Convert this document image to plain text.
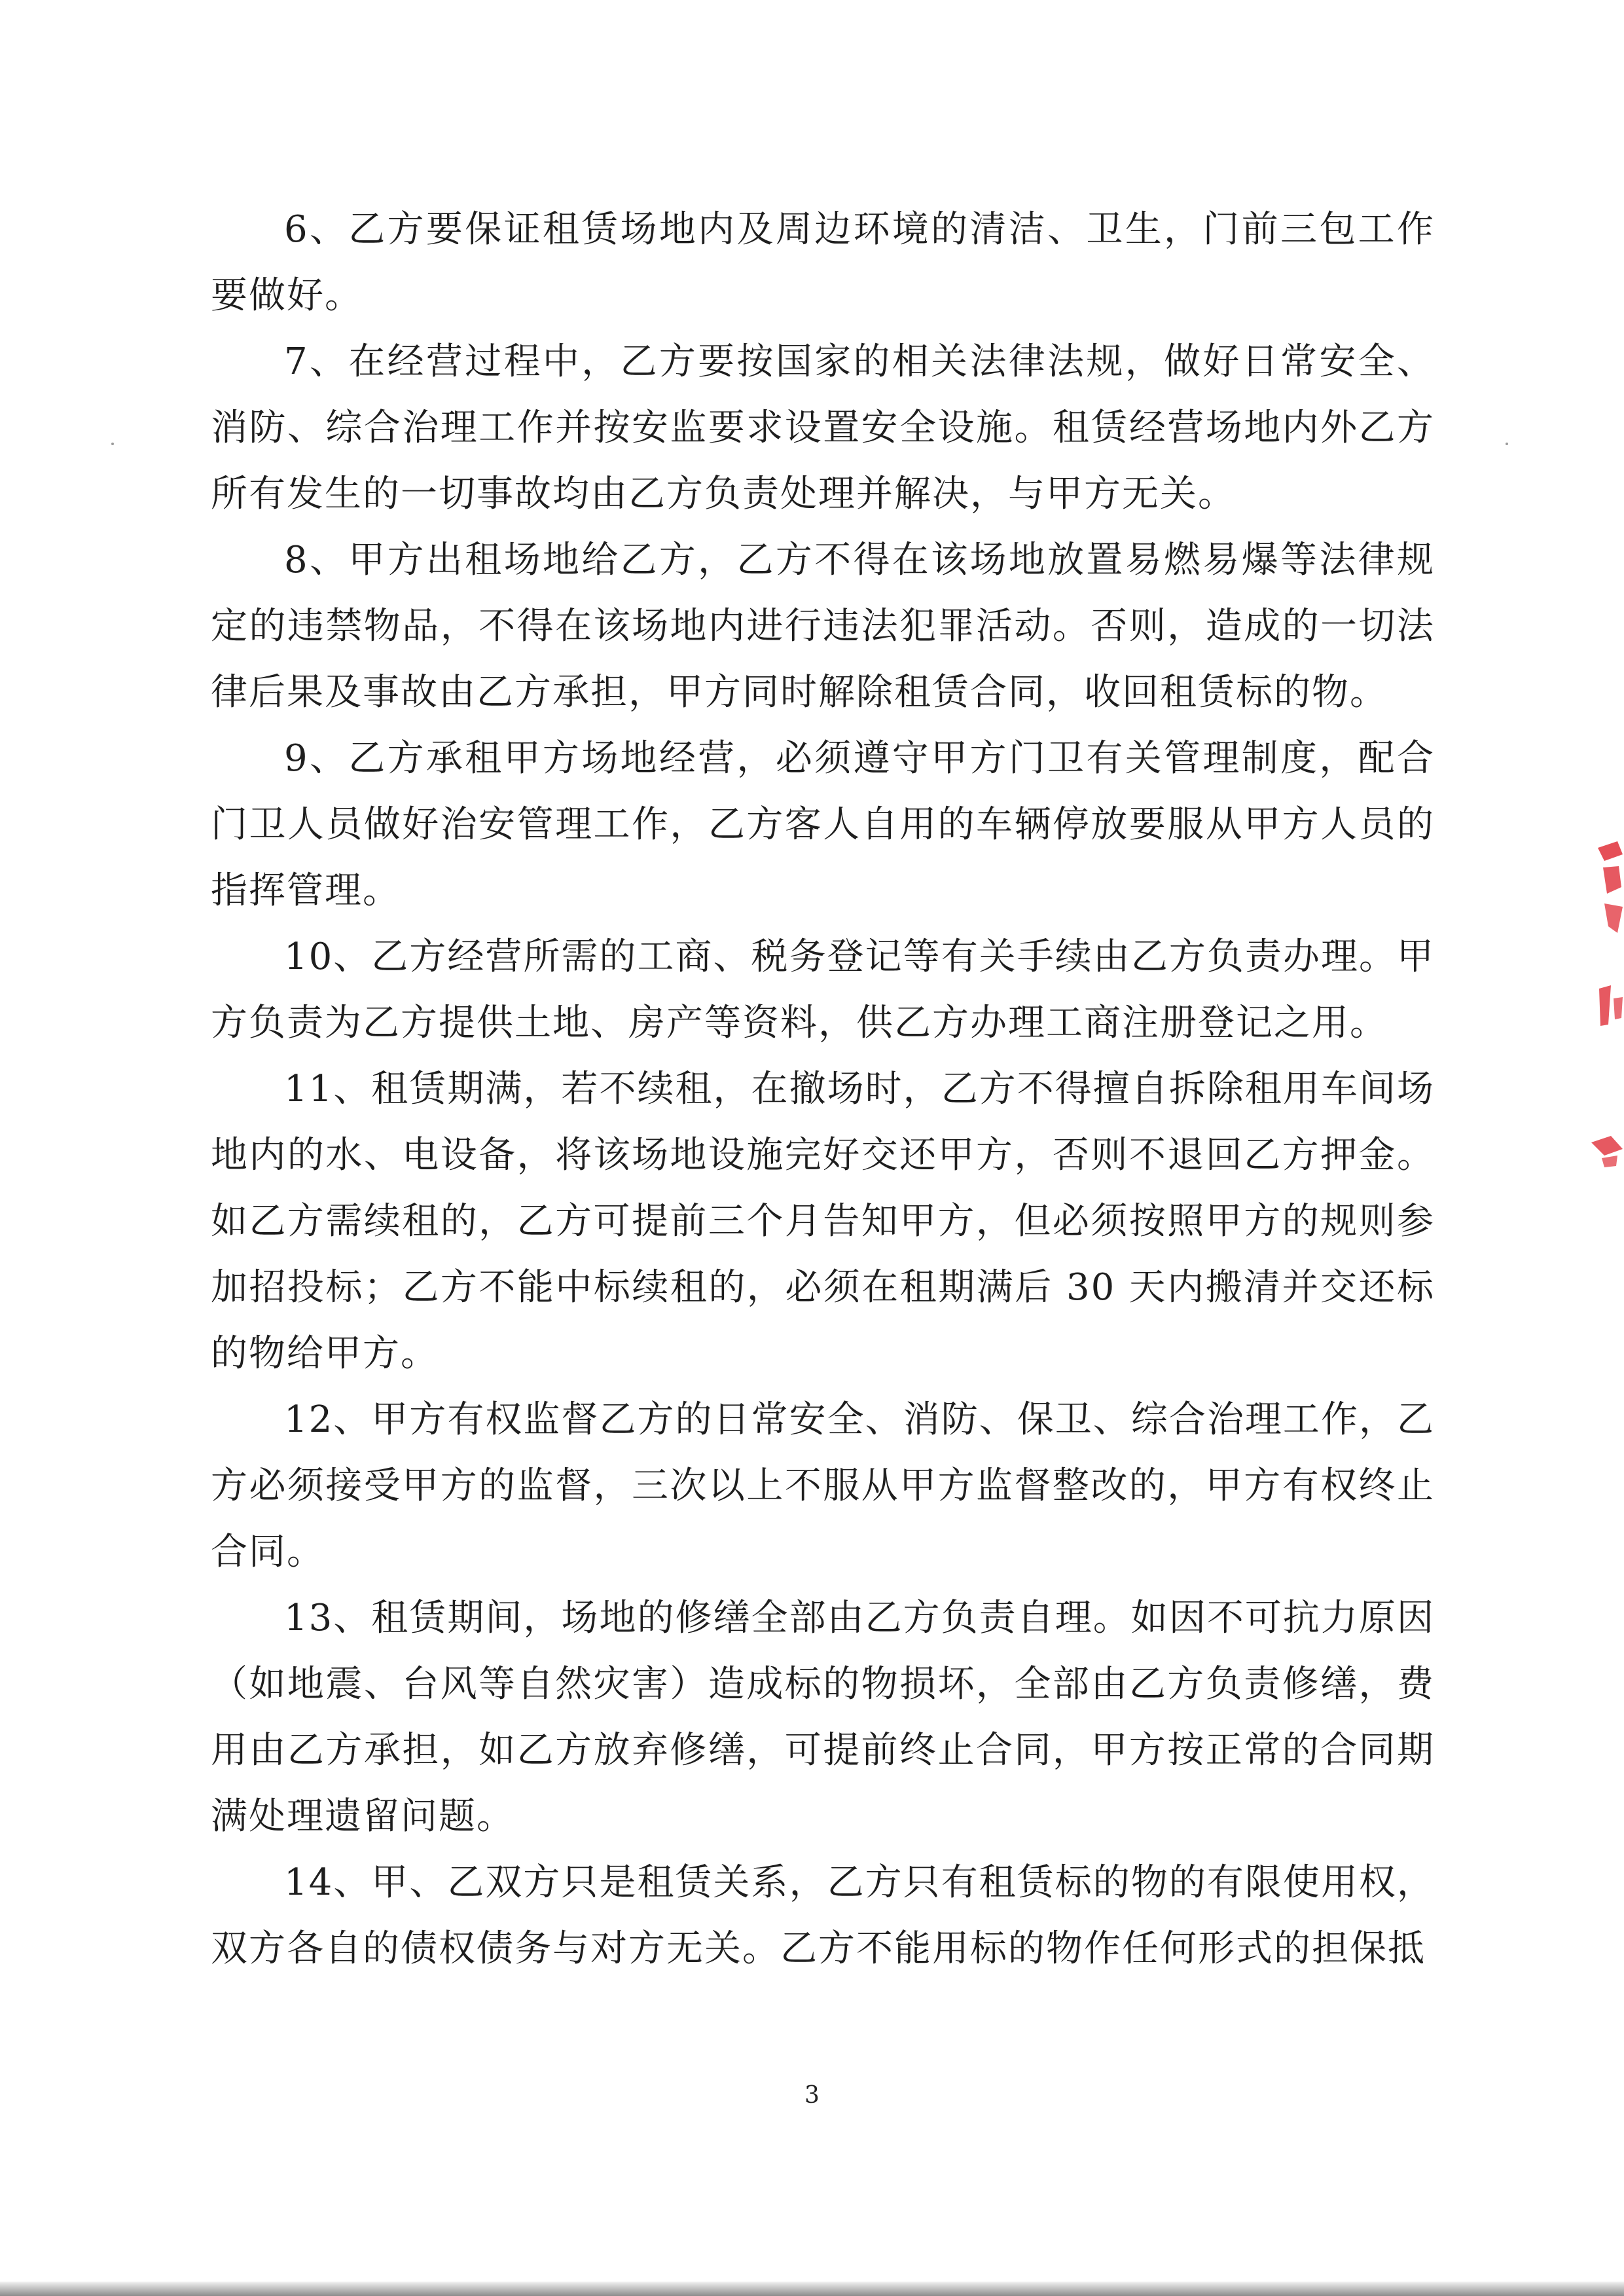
6、乙方要保证租赁场地内及周边环境的清洁、卫生，门前三包工作要做好。

7、在经营过程中，乙方要按国家的相关法律法规，做好日常安全、消防、综合治理工作并按安监要求设置安全设施。租赁经营场地内外乙方所有发生的一切事故均由乙方负责处理并解决，与甲方无关。

8、甲方出租场地给乙方，乙方不得在该场地放置易燃易爆等法律规定的违禁物品，不得在该场地内进行违法犯罪活动。否则，造成的一切法律后果及事故由乙方承担，甲方同时解除租赁合同，收回租赁标的物。

9、乙方承租甲方场地经营，必须遵守甲方门卫有关管理制度，配合门卫人员做好治安管理工作，乙方客人自用的车辆停放要服从甲方人员的指挥管理。

10、乙方经营所需的工商、税务登记等有关手续由乙方负责办理。甲方负责为乙方提供土地、房产等资料，供乙方办理工商注册登记之用。

11、租赁期满，若不续租，在撤场时，乙方不得擅自拆除租用车间场地内的水、电设备，将该场地设施完好交还甲方，否则不退回乙方押金。如乙方需续租的，乙方可提前三个月告知甲方，但必须按照甲方的规则参加招投标；乙方不能中标续租的，必须在租期满后 30 天内搬清并交还标的物给甲方。

12、甲方有权监督乙方的日常安全、消防、保卫、综合治理工作，乙方必须接受甲方的监督，三次以上不服从甲方监督整改的，甲方有权终止合同。

13、租赁期间，场地的修缮全部由乙方负责自理。如因不可抗力原因（如地震、台风等自然灾害）造成标的物损坏，全部由乙方负责修缮，费用由乙方承担，如乙方放弃修缮，可提前终止合同，甲方按正常的合同期满处理遗留问题。

14、甲、乙双方只是租赁关系，乙方只有租赁标的物的有限使用权，双方各自的债权债务与对方无关。乙方不能用标的物作任何形式的担保抵

3
